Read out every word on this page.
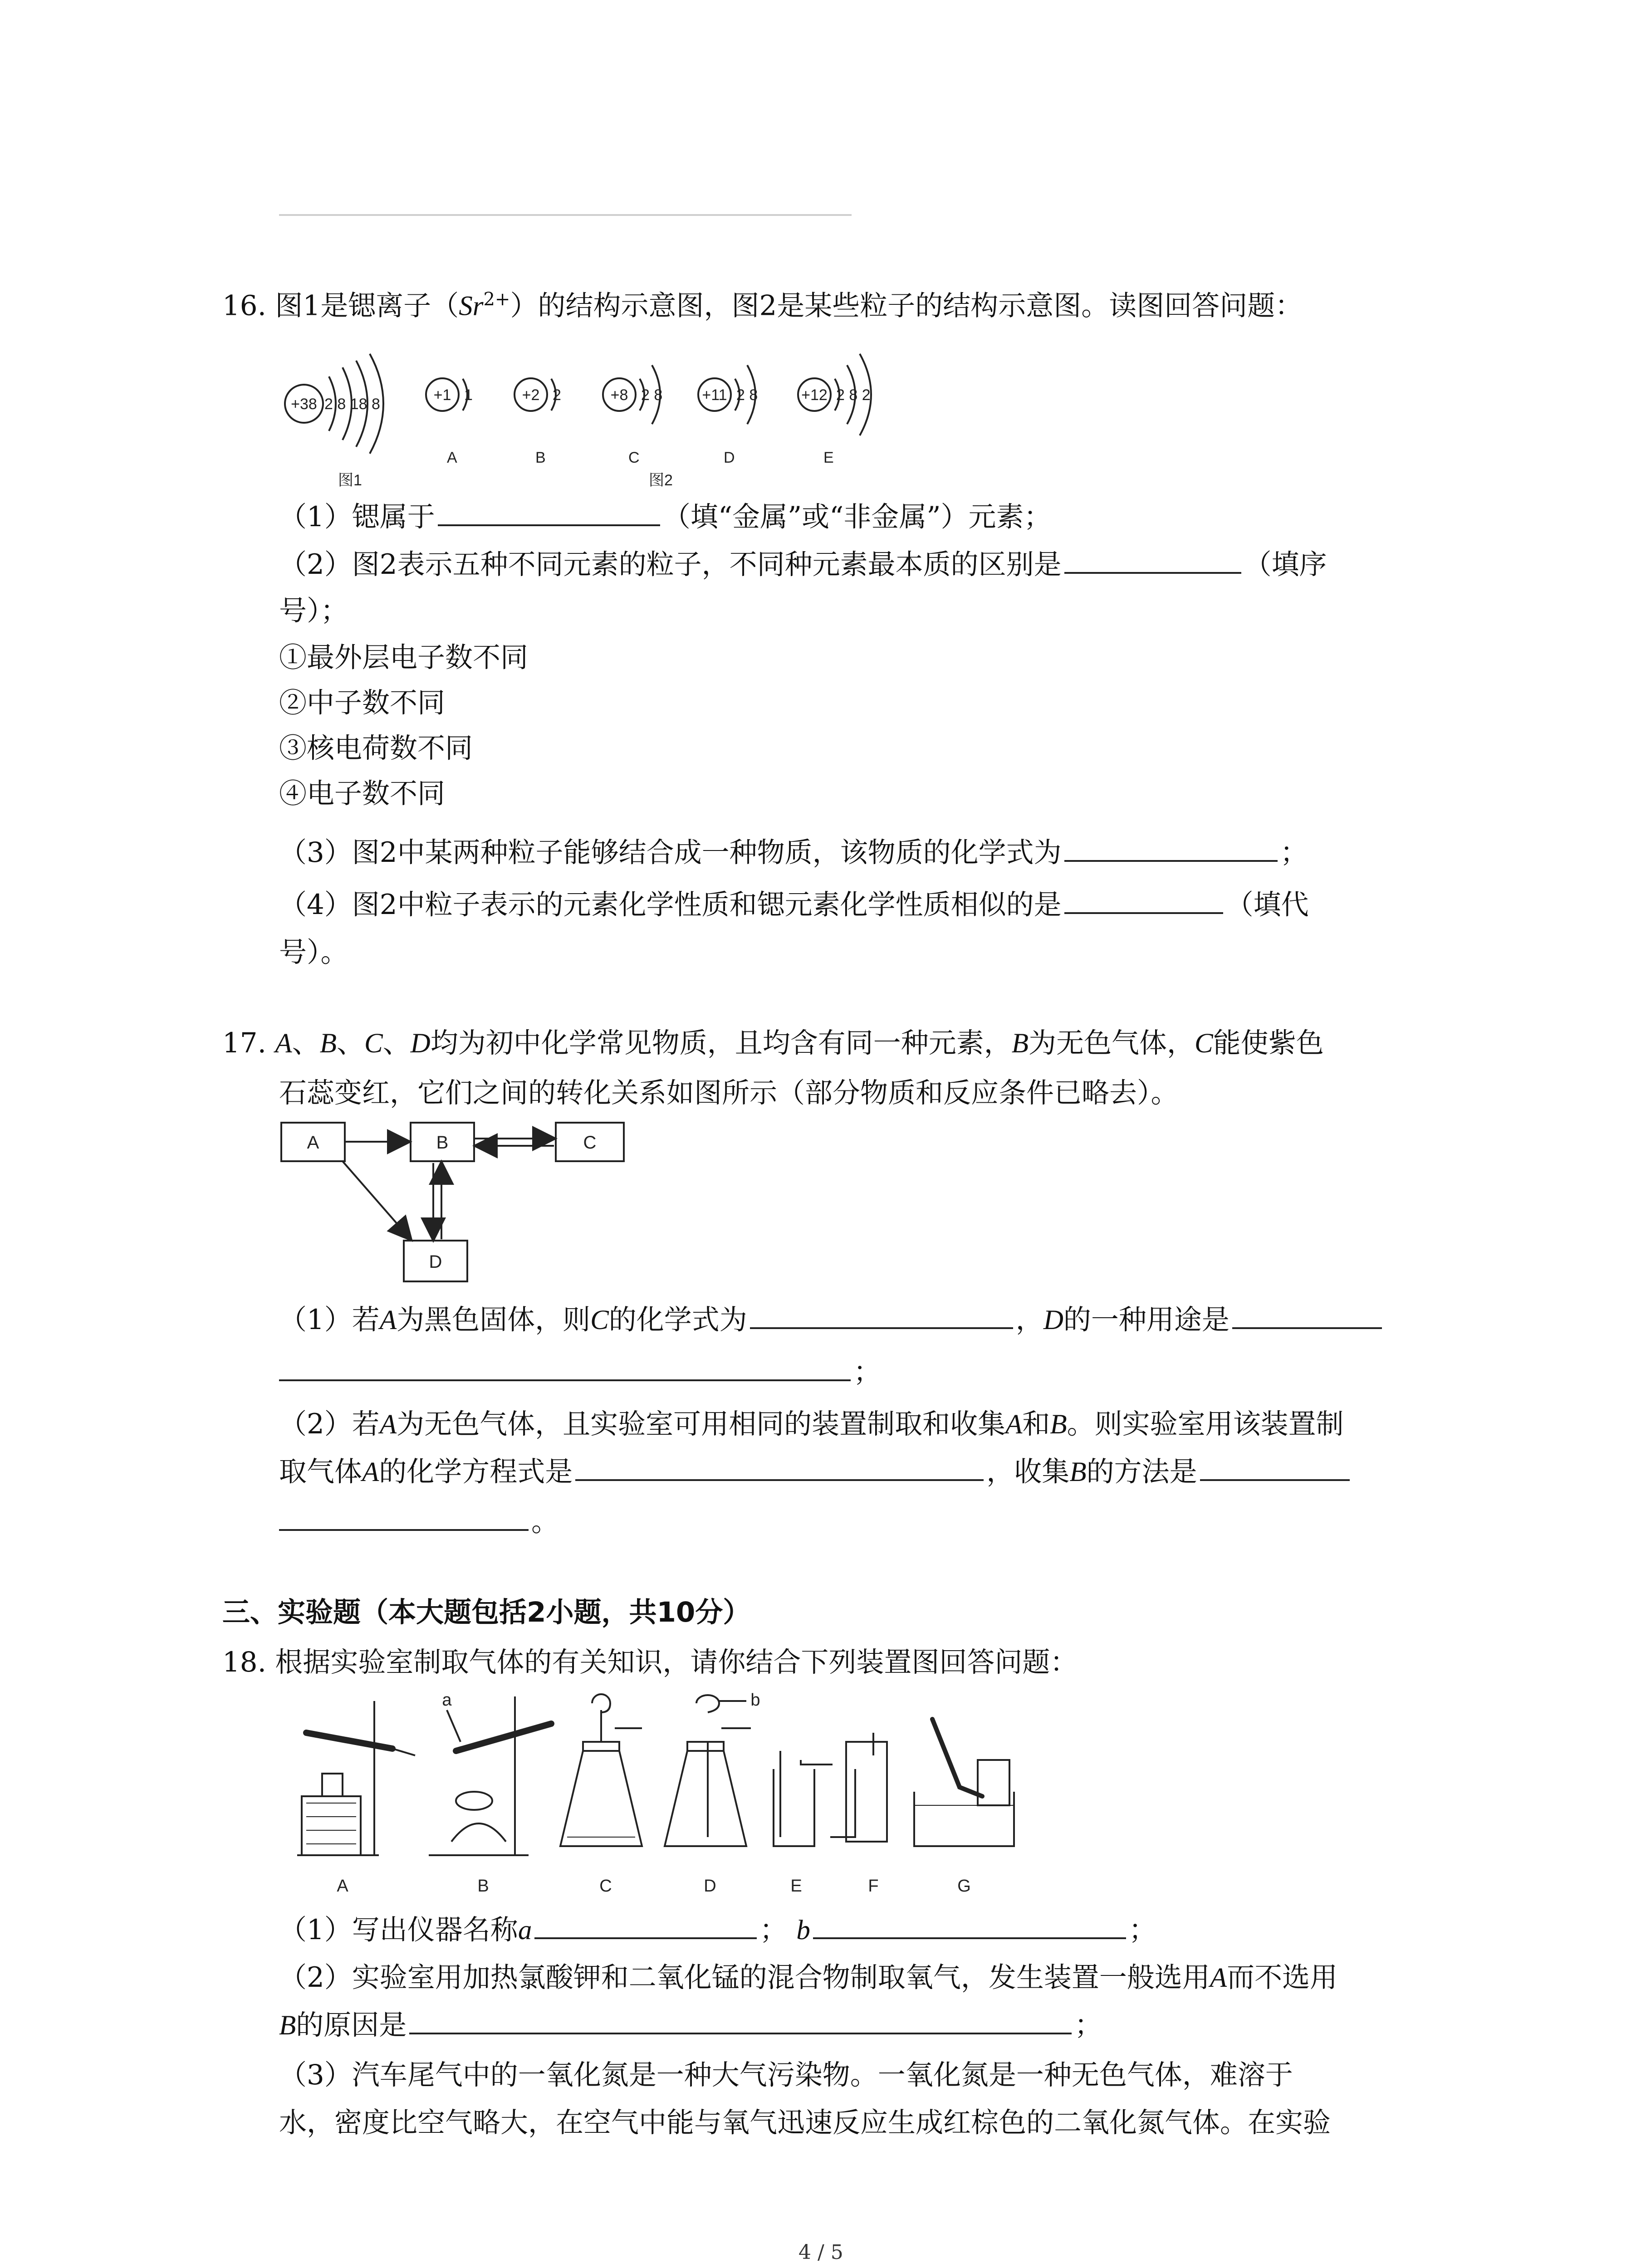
16. 图1是锶离子$(Sr^{2+})$的结构示意图，图2是某些粒子的结构示意图。读图回答问题：
+38 2 8 18 8
+1 1	+2 2	+8 2 8	+11 2 8	+12 2 8 2
A	B	C	D	E
图1	图2
（1）锶属于	（填“金属”或“非金属”）元素；
（2）图2表示五种不同元素的粒子，不同种元素最本质的区别是	（填序
号）；
①最外层电子数不同
②中子数不同
③核电荷数不同
④电子数不同
（3）图2中某两种粒子能够结合成一种物质，该物质的化学式为	；
（4）图2中粒子表示的元素化学性质和锶元素化学性质相似的是	（填代
号）。
17. A、B、C、D均为初中化学常见物质，且均含有同一种元素，B为无色气体，C能使紫色
石蕊变红，它们之间的转化关系如图所示（部分物质和反应条件已略去）。
A	B	C
D
（1）若A为黑色固体，则C的化学式为	，D的一种用途是
；
（2）若A为无色气体，且实验室可用相同的装置制取和收集A和B。则实验室用该装置制
取气体A的化学方程式是	，收集B的方法是
。
三、实验题（本大题包括2小题，共10分）
18. 根据实验室制取气体的有关知识，请你结合下列装置图回答问题：
a	b
A	B	C	D	E	F	G
（1）写出仪器名称a	； b	；
（2）实验室用加热氯酸钾和二氧化锰的混合物制取氧气，发生装置一般选用A而不选用
B的原因是	；
（3）汽车尾气中的一氧化氮是一种大气污染物。一氧化氮是一种无色气体，难溶于
水，密度比空气略大，在空气中能与氧气迅速反应生成红棕色的二氧化氮气体。在实验
4 / 5
